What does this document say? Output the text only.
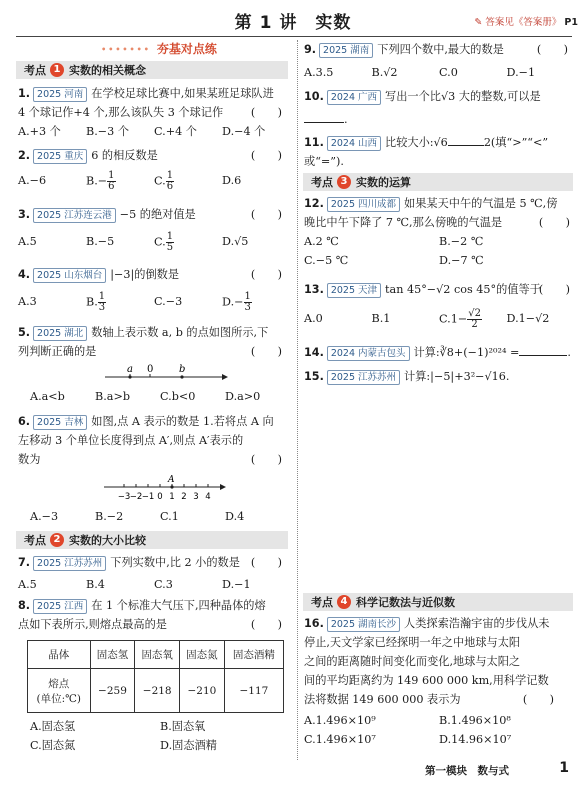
第 1 讲　实数	✎ 答案见《答案册》 P1
••••••• 夯基对点练 •••••••
考点 1 实数的相关概念
1. 2025 河南 在学校足球比赛中,如果某班足球队进
4 个球记作+4 个,那么该队失 3 个球记作 (　　)
A.+3 个	B.−3 个	C.+4 个	D.−4 个
2. 2025 重庆 6 的相反数是	(　　)
A.−6	$B.- \frac{1}{6}$	C. $\frac{1}{6}$	D.6
3. 2025 江苏连云港 −5 的绝对值是	(　　)
A.5	B.−5	C. $\frac{1}{5}$	D.√5
4. 2025 山东烟台 |−3|的倒数是	(　　)
A.3	B. $\frac{1}{3}$	C.−3	$D.- \frac{1}{3}$
5. 2025 湖北 数轴上表示数 a, b 的点如图所示,下
列判断正确的是	(　　)
a 0	b
A.a<b	B.a>b	C.b<0	D.a>0
6. 2025 吉林 如图,点 A 表示的数是 1.若将点 A 向
左移动 3 个单位长度得到点 A′,则点 A′表示的
数为	(　　)
A
−3 −2 −1 0 1 2 3 4
A.−3	B.−2	C.1	D.4
考点 2 实数的大小比较
7. 2025 江苏苏州 下列实数中,比 2 小的数是 (　　)
A.5	B.4	C.3	D.−1
8. 2025 江西 在 1 个标准大气压下,四种晶体的熔
点如下表所示,则熔点最高的是	(　　)
晶体	固态氢	固态氧	固态氮	固态酒精

熔点
(单位:℃)	−259	−218	−210	−117
A.固态氢	B.固态氧
C.固态氮	D.固态酒精
9. 2025 湖南 下列四个数中,最大的数是	(　　)
A.3.5	B.√2	C.0	D.−1
10. 2024 广西 写出一个比√3 大的整数,可以是
.
11. 2024 山西 比较大小:√6	2(填“>”“<”
或“=”).
考点 3 实数的运算
12. 2025 四川成都 如果某天中午的气温是 5 ℃,傍
晚比中午下降了 7 ℃,那么傍晚的气温是	(　　)
A.2 ℃	B.−2 ℃
C.−5 ℃	D.−7 ℃
13. 2025 天津 tan 45°−√2 cos 45°的值等于
(　　)
A.0	B.1	$C.1- \frac{√2}{2} D.1-√2$
14. 2024 内蒙古包头 计算:∛8+(−1)²⁰²⁴ =	.
15. 2025 江苏苏州 计算:|−5|+3²−√16.
考点 4 科学记数法与近似数
16. 2025 湖南长沙 人类探索浩瀚宇宙的步伐从未
停止,天文学家已经探明一年之中地球与太阳
之间的距离随时间变化而变化,地球与太阳之
间的平均距离约为 149 600 000 km,用科学记数
法将数据 149 600 000 表示为	(　　)
A.1.496×10⁹	B.1.496×10⁸
C.1.496×10⁷	D.14.96×10⁷
第一模块　数与式	1
